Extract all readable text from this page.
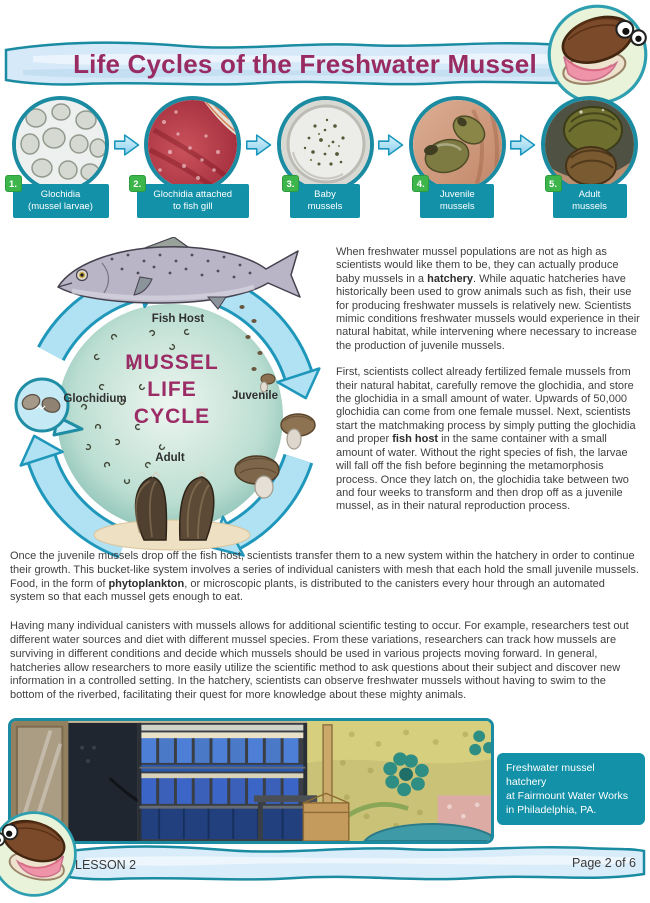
Life Cycles of the Freshwater Mussel
1.
Glochidia
(mussel larvae)
2.
Glochidia attached
to fish gill
3.
Baby
mussels
4.
Juvenile
mussels
5.
Adult
mussels
MUSSEL
LIFE
CYCLE
Fish Host
Glochidium	Juvenile
Adult

When freshwater mussel populations are not as high as scientists would like them to be, they can actually produce baby mussels in a hatchery. While aquatic hatcheries have historically been used to grow animals such as fish, their use for producing freshwater mussels is relatively new. Scientists mimic conditions freshwater mussels would experience in their natural habitat, while intervening where necessary to increase the production of juvenile mussels.

First, scientists collect already fertilized female mussels from their natural habitat, carefully remove the glochidia, and store the glochidia in a small amount of water. Upwards of 50,000 glochidia can come from one female mussel. Next, scientists start the matchmaking process by simply putting the glochidia and proper fish host in the same container with a small amount of water. Without the right species of fish, the larvae will fall off the fish before beginning the metamorphosis process. Once they latch on, the glochidia take between two and four weeks to transform and then drop off as a juvenile mussel, as in their natural reproduction process.

Once the juvenile mussels drop off the fish host, scientists transfer them to a new system within the hatchery in order to continue their growth. This bucket-like system involves a series of individual canisters with mesh that each hold the small juvenile mussels. Food, in the form of phytoplankton, or microscopic plants, is distributed to the canisters every hour through an automated system so that each mussel gets enough to eat.

Having many individual canisters with mussels allows for additional scientific testing to occur. For example, researchers test out different water sources and diet with different mussel species. From these variations, researchers can track how mussels are surviving in different conditions and decide which mussels should be used in various projects moving forward. In general, hatcheries allow researchers to more easily utilize the scientific method to ask questions about their subject and discover new information in a controlled setting. In the hatchery, scientists can observe freshwater mussels without having to swim to the bottom of the riverbed, facilitating their quest for more knowledge about these mighty animals.

Freshwater mussel hatchery
at Fairmount Water Works
in Philadelphia, PA.
LESSON 2	Page 2 of 6
